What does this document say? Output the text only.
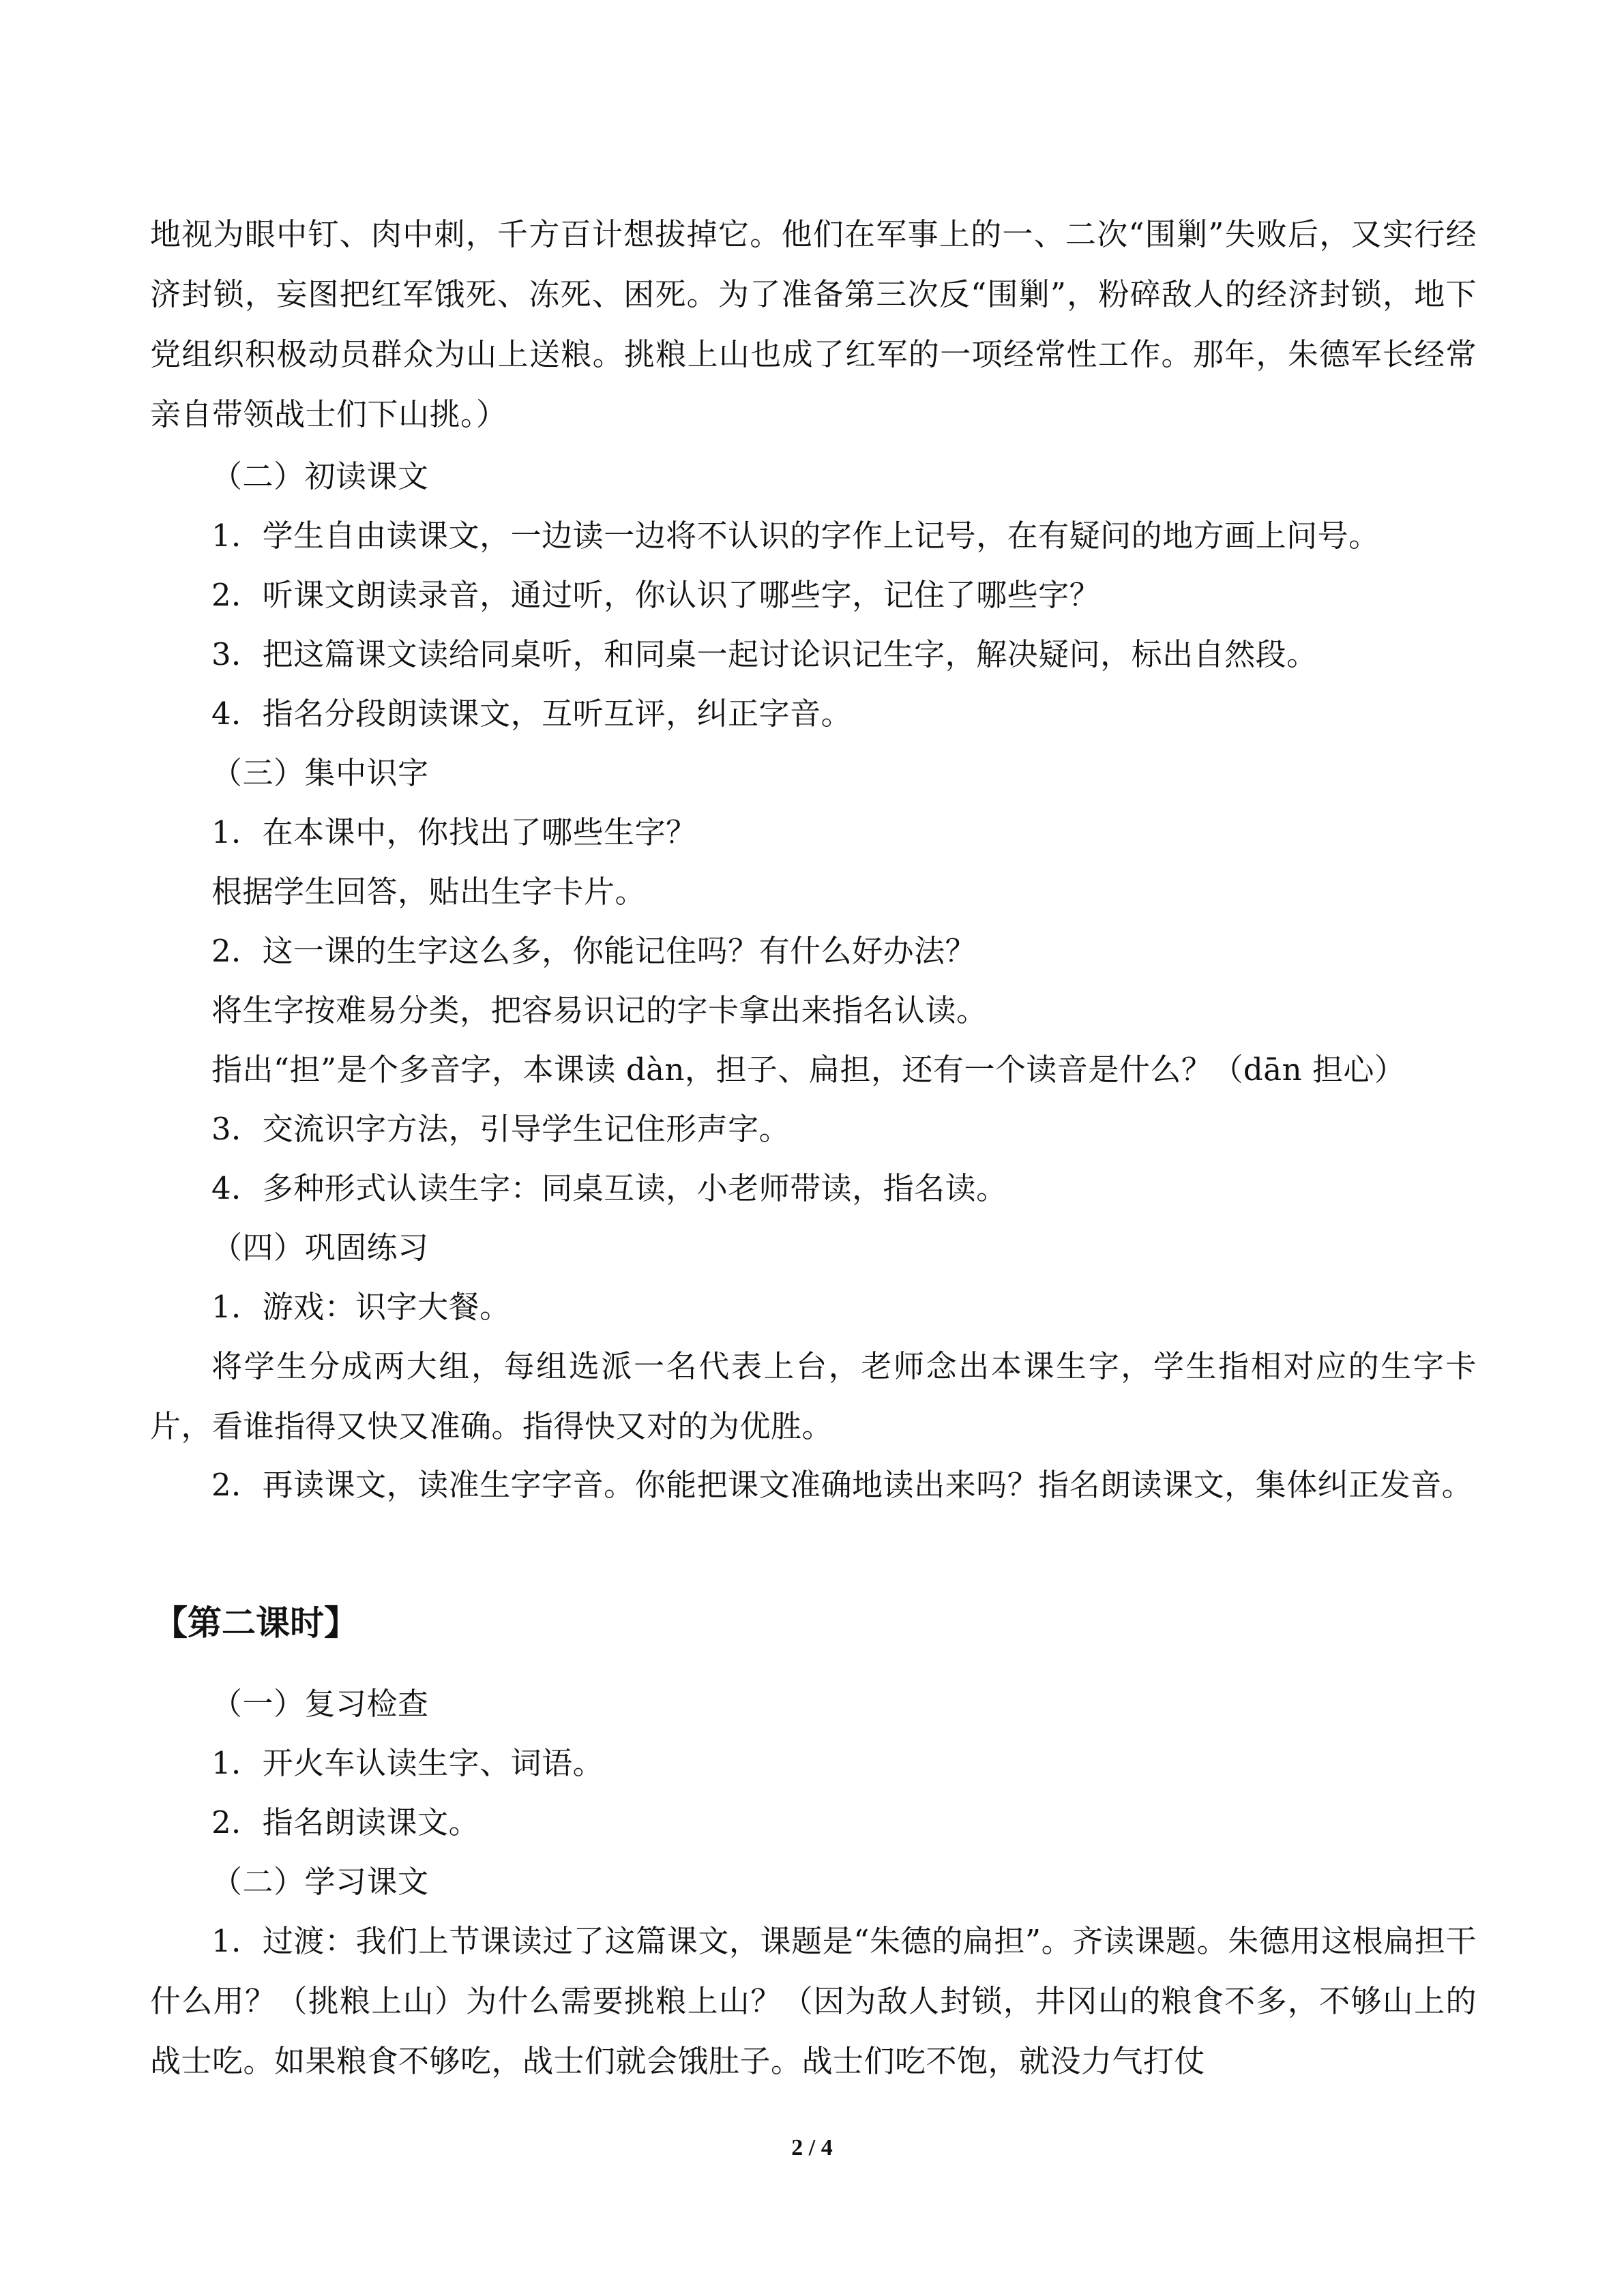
地视为眼中钉、肉中刺，千方百计想拔掉它。他们在军事上的一、二次“围剿”失败后，又实行经济封锁，妄图把红军饿死、冻死、困死。为了准备第三次反“围剿”，粉碎敌人的经济封锁，地下党组织积极动员群众为山上送粮。挑粮上山也成了红军的一项经常性工作。那年，朱德军长经常亲自带领战士们下山挑。）
（二）初读课文
1．学生自由读课文，一边读一边将不认识的字作上记号，在有疑问的地方画上问号。
2．听课文朗读录音，通过听，你认识了哪些字，记住了哪些字？
3．把这篇课文读给同桌听，和同桌一起讨论识记生字，解决疑问，标出自然段。
4．指名分段朗读课文，互听互评，纠正字音。
（三）集中识字
1．在本课中，你找出了哪些生字？
根据学生回答，贴出生字卡片。
2．这一课的生字这么多，你能记住吗？有什么好办法？
将生字按难易分类，把容易识记的字卡拿出来指名认读。
指出“担”是个多音字，本课读 dàn，担子、扁担，还有一个读音是什么？（dān 担心）
3．交流识字方法，引导学生记住形声字。
4．多种形式认读生字：同桌互读，小老师带读，指名读。
（四）巩固练习
1．游戏：识字大餐。
将学生分成两大组，每组选派一名代表上台，老师念出本课生字，学生指相对应的生字卡片，看谁指得又快又准确。指得快又对的为优胜。
2．再读课文，读准生字字音。你能把课文准确地读出来吗？指名朗读课文，集体纠正发音。
【第二课时】
（一）复习检查
1．开火车认读生字、词语。
2．指名朗读课文。
（二）学习课文
1．过渡：我们上节课读过了这篇课文，课题是“朱德的扁担”。齐读课题。朱德用这根扁担干什么用？（挑粮上山）为什么需要挑粮上山？（因为敌人封锁，井冈山的粮食不多，不够山上的战士吃。如果粮食不够吃，战士们就会饿肚子。战士们吃不饱，就没力气打仗
2 / 4
